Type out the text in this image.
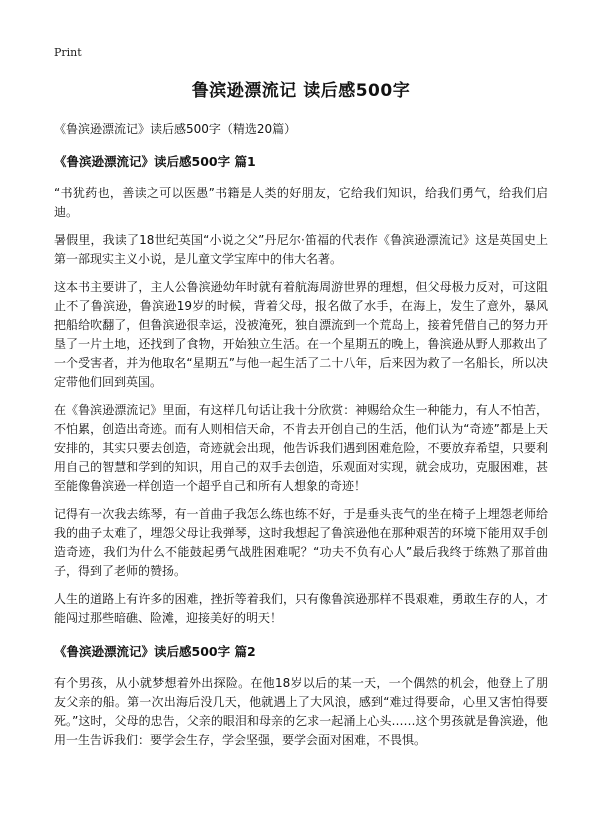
Print
鲁滨逊漂流记 读后感500字
《鲁滨逊漂流记》读后感500字（精选20篇）
《鲁滨逊漂流记》读后感500字 篇1

“书犹药也，善读之可以医愚”书籍是人类的好朋友，它给我们知识，给我们勇气，给我们启迪。

暑假里，我读了18世纪英国“小说之父”丹尼尔·笛福的代表作《鲁滨逊漂流记》这是英国史上第一部现实主义小说，是儿童文学宝库中的伟大名著。

这本书主要讲了，主人公鲁滨逊幼年时就有着航海周游世界的理想，但父母极力反对，可这阻止不了鲁滨逊，鲁滨逊19岁的时候，背着父母，报名做了水手，在海上，发生了意外，暴风把船给吹翻了，但鲁滨逊很幸运，没被淹死，独自漂流到一个荒岛上，接着凭借自己的努力开垦了一片土地，还找到了食物，开始独立生活。在一个星期五的晚上，鲁滨逊从野人那救出了一个受害者，并为他取名“星期五”与他一起生活了二十八年，后来因为救了一名船长，所以决定带他们回到英国。

在《鲁滨逊漂流记》里面，有这样几句话让我十分欣赏：神赐给众生一种能力，有人不怕苦，不怕累，创造出奇迹。而有人则相信天命，不肯去开创自己的生活，他们认为“奇迹”都是上天安排的，其实只要去创造，奇迹就会出现，他告诉我们遇到困难危险，不要放弃希望，只要利用自己的智慧和学到的知识，用自己的双手去创造，乐观面对实现，就会成功，克服困难，甚至能像鲁滨逊一样创造一个超乎自己和所有人想象的奇迹！

记得有一次我去练琴，有一首曲子我怎么练也练不好，于是垂头丧气的坐在椅子上埋怨老师给我的曲子太难了，埋怨父母让我弹琴，这时我想起了鲁滨逊他在那种艰苦的环境下能用双手创造奇迹，我们为什么不能鼓起勇气战胜困难呢？“功夫不负有心人”最后我终于练熟了那首曲子，得到了老师的赞扬。

人生的道路上有许多的困难，挫折等着我们，只有像鲁滨逊那样不畏艰难，勇敢生存的人，才能闯过那些暗礁、险滩，迎接美好的明天！

《鲁滨逊漂流记》读后感500字 篇2

有个男孩，从小就梦想着外出探险。在他18岁以后的某一天，一个偶然的机会，他登上了朋友父亲的船。第一次出海后没几天，他就遇上了大风浪，感到“难过得要命，心里又害怕得要死。”这时，父母的忠告，父亲的眼泪和母亲的乞求一起涌上心头……这个男孩就是鲁滨逊，他用一生告诉我们：要学会生存，学会坚强，要学会面对困难，不畏惧。
